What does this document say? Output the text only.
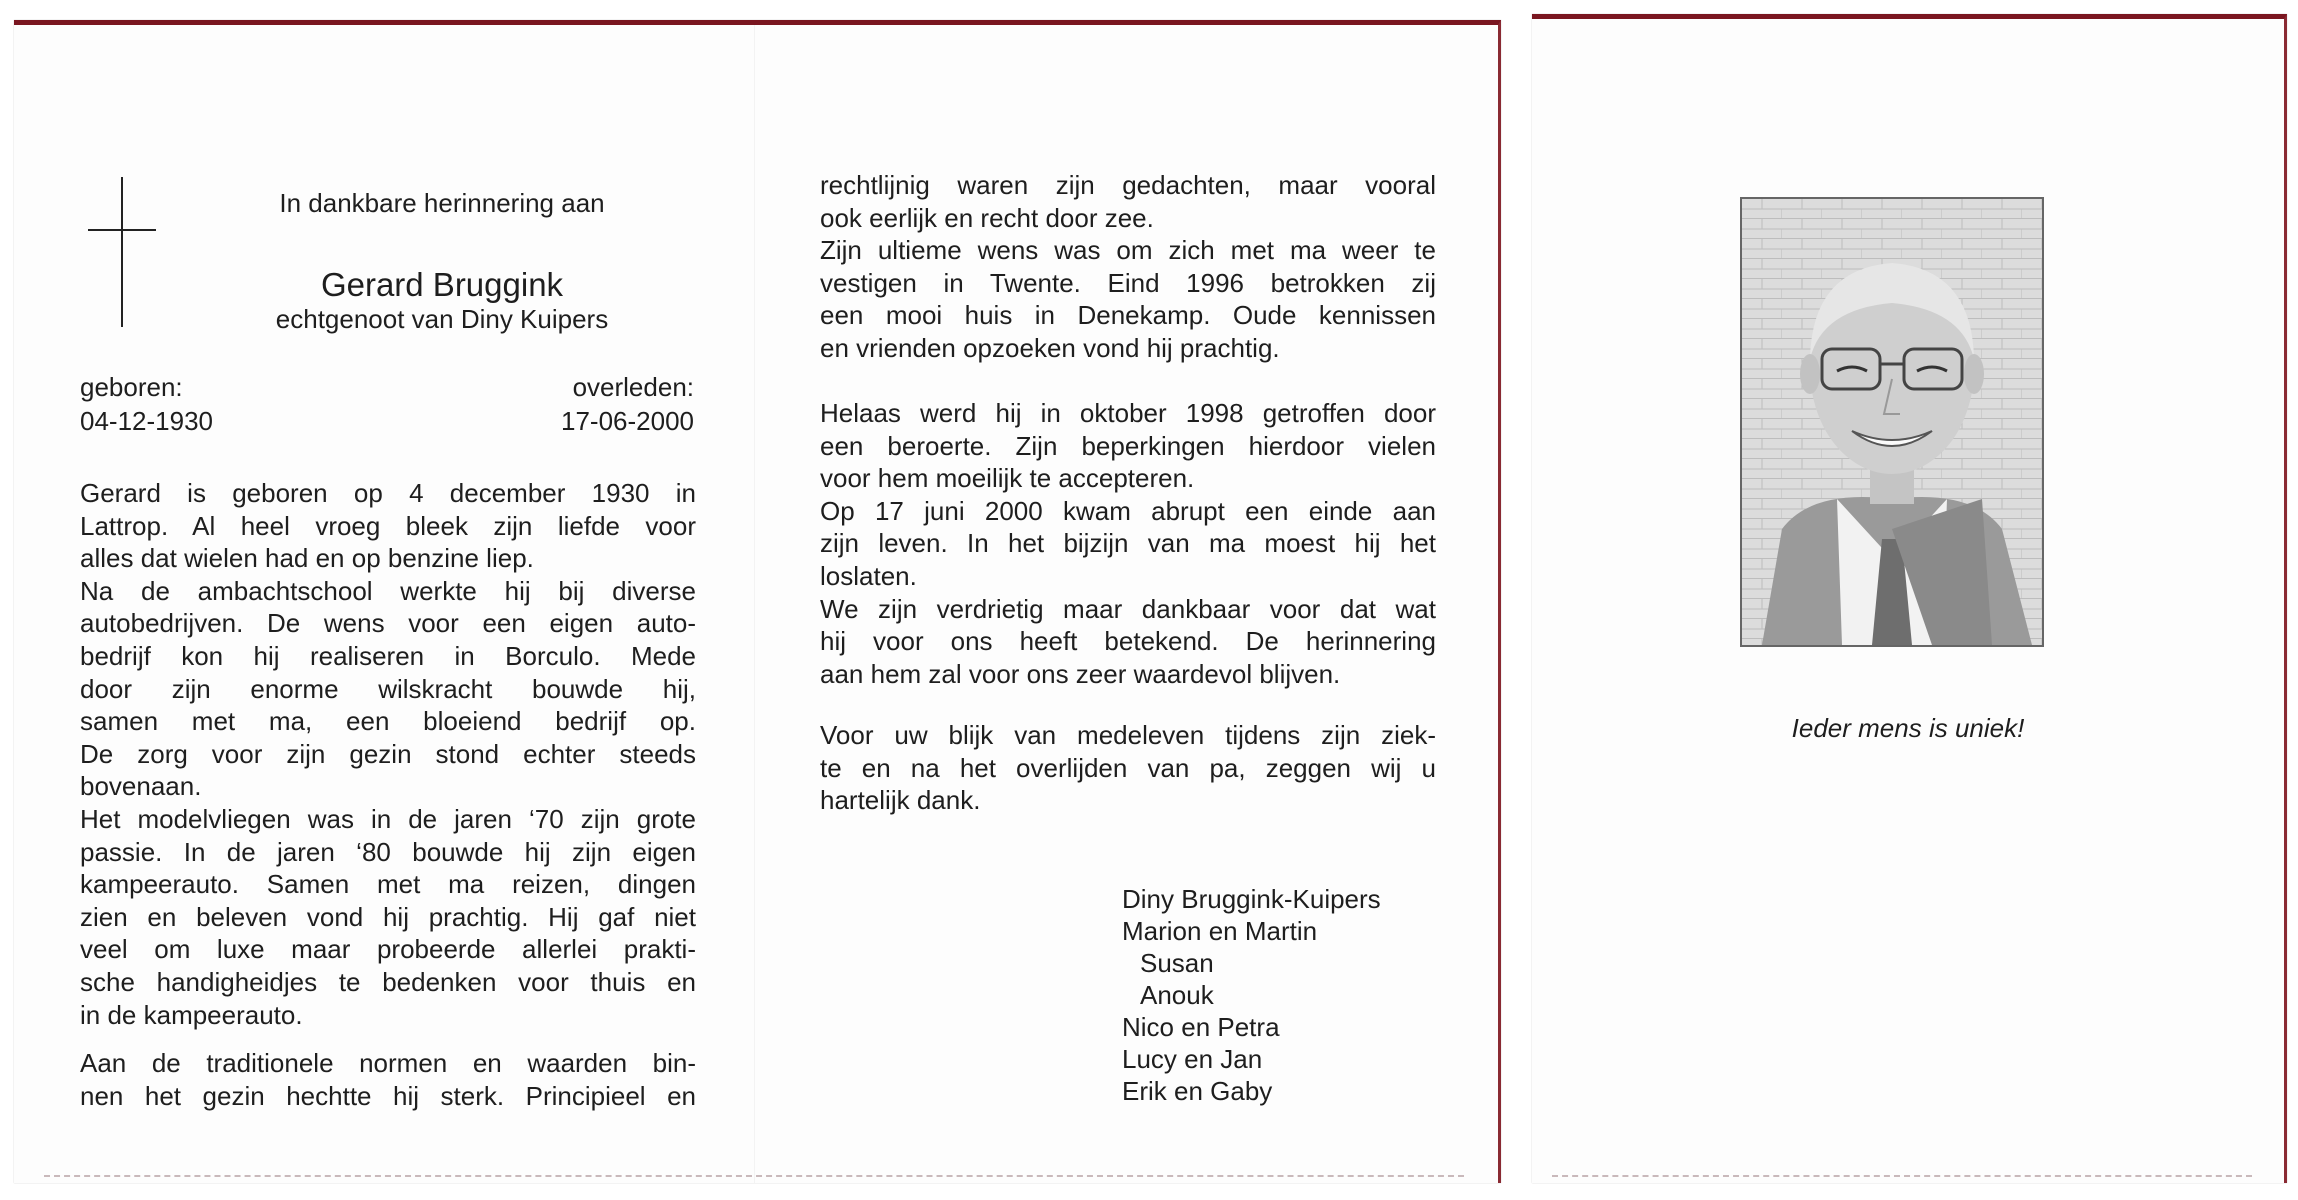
In dankbare herinnering aan
Gerard Bruggink
echtgenoot van Diny Kuipers
geboren:
04-12-1930
overleden:
17-06-2000
Gerard is geboren op 4 december 1930 in
Lattrop. Al heel vroeg bleek zijn liefde voor
alles dat wielen had en op benzine liep.
Na de ambachtschool werkte hij bij diverse
autobedrijven. De wens voor een eigen auto-
bedrijf kon hij realiseren in Borculo. Mede
door zijn enorme wilskracht bouwde hij,
samen met ma, een bloeiend bedrijf op.
De zorg voor zijn gezin stond echter steeds
bovenaan.
Het modelvliegen was in de jaren ‘70 zijn grote
passie. In de jaren ‘80 bouwde hij zijn eigen
kampeerauto. Samen met ma reizen, dingen
zien en beleven vond hij prachtig. Hij gaf niet
veel om luxe maar probeerde allerlei prakti-
sche handigheidjes te bedenken voor thuis en
in de kampeerauto.
Aan de traditionele normen en waarden bin-
nen het gezin hechtte hij sterk. Principieel en
rechtlijnig waren zijn gedachten, maar vooral
ook eerlijk en recht door zee.
Zijn ultieme wens was om zich met ma weer te
vestigen in Twente. Eind 1996 betrokken zij
een mooi huis in Denekamp. Oude kennissen
en vrienden opzoeken vond hij prachtig.
Helaas werd hij in oktober 1998 getroffen door
een beroerte. Zijn beperkingen hierdoor vielen
voor hem moeilijk te accepteren.
Op 17 juni 2000 kwam abrupt een einde aan
zijn leven. In het bijzijn van ma moest hij het
loslaten.
We zijn verdrietig maar dankbaar voor dat wat
hij voor ons heeft betekend. De herinnering
aan hem zal voor ons zeer waardevol blijven.
Voor uw blijk van medeleven tijdens zijn ziek-
te en na het overlijden van pa, zeggen wij u
hartelijk dank.
Diny Bruggink-Kuipers
Marion en Martin
Susan
Anouk
Nico en Petra
Lucy en Jan
Erik en Gaby
Ieder mens is uniek!
